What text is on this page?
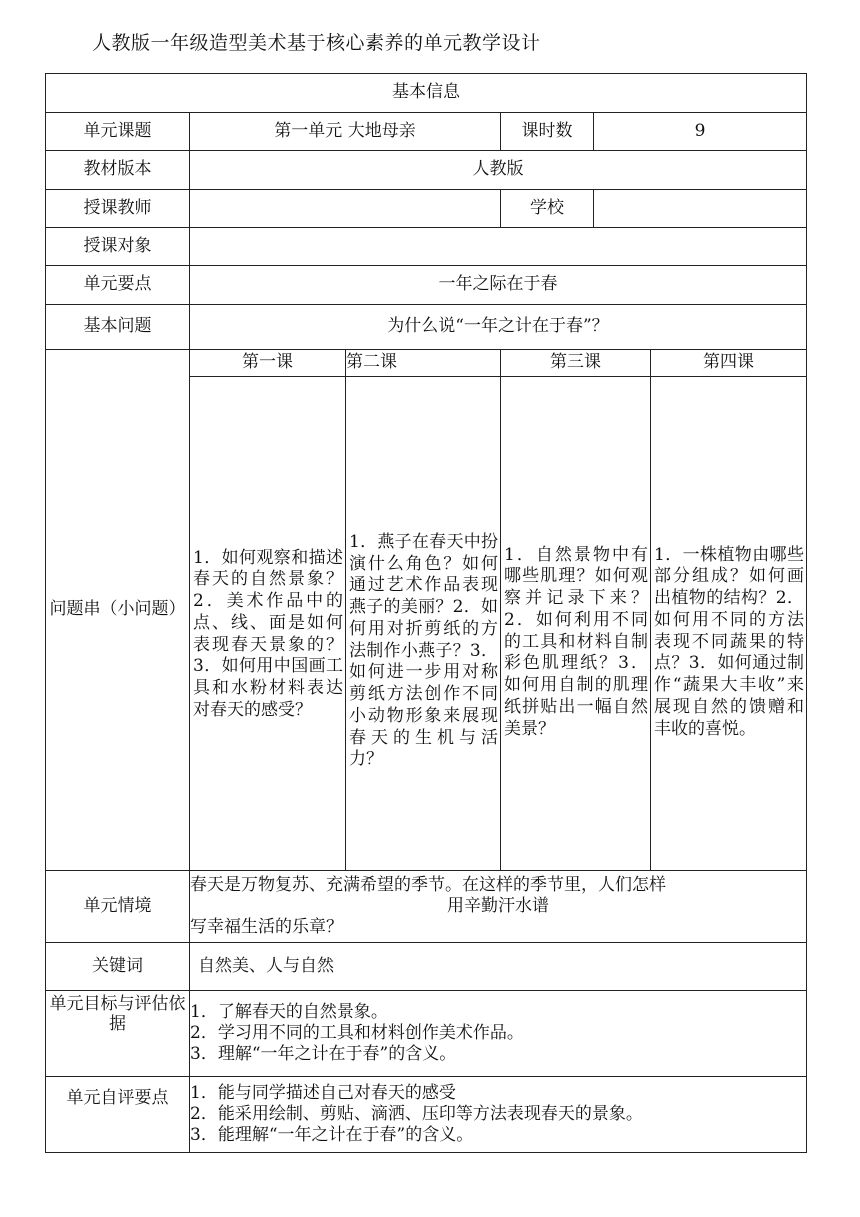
人教版一年级造型美术基于核心素养的单元教学设计
基本信息					
单元课题	第一单元 大地母亲		课时数	9	
教材版本	人教版				
授课教师			学校		
授课对象					
单元要点	一年之际在于春				
基本问题	为什么说“一年之计在于春”？				
问题串（小问题）	第一课	第二课	第三课		第四课

	1．如何观察和描述春天的自然景象？2．美术作品中的点、线、面是如何表现春天景象的？3．如何用中国画工具和水粉材料表达对春天的感受？	1．燕子在春天中扮演什么角色？如何通过艺术作品表现燕子的美丽？2．如何用对折剪纸的方法制作小燕子？3．如何进一步用对称剪纸方法创作不同小动物形象来展现春天的生机与活力？	1．自然景物中有哪些肌理？如何观察并记录下来？2．如何利用不同的工具和材料自制彩色肌理纸？3．如何用自制的肌理纸拼贴出一幅自然美景？		1．一株植物由哪些部分组成？如何画出植物的结构？2．如何用不同的方法表现不同蔬果的特点？3．如何通过制作“蔬果大丰收”来展现自然的馈赠和丰收的喜悦。

单元情境	春天是万物复苏、充满希望的季节。在这样的季节里，人们怎样
用辛勤汗水谱
写幸福生活的乐章？				

关键词	自然美、人与自然				
单元目标与评估依据	1．了解春天的自然景象。
2．学习用不同的工具和材料创作美术作品。
3．理解“一年之计在于春”的含义。				

单元自评要点	1．能与同学描述自己对春天的感受
2．能采用绘制、剪贴、滴洒、压印等方法表现春天的景象。
3．能理解“一年之计在于春”的含义。				
